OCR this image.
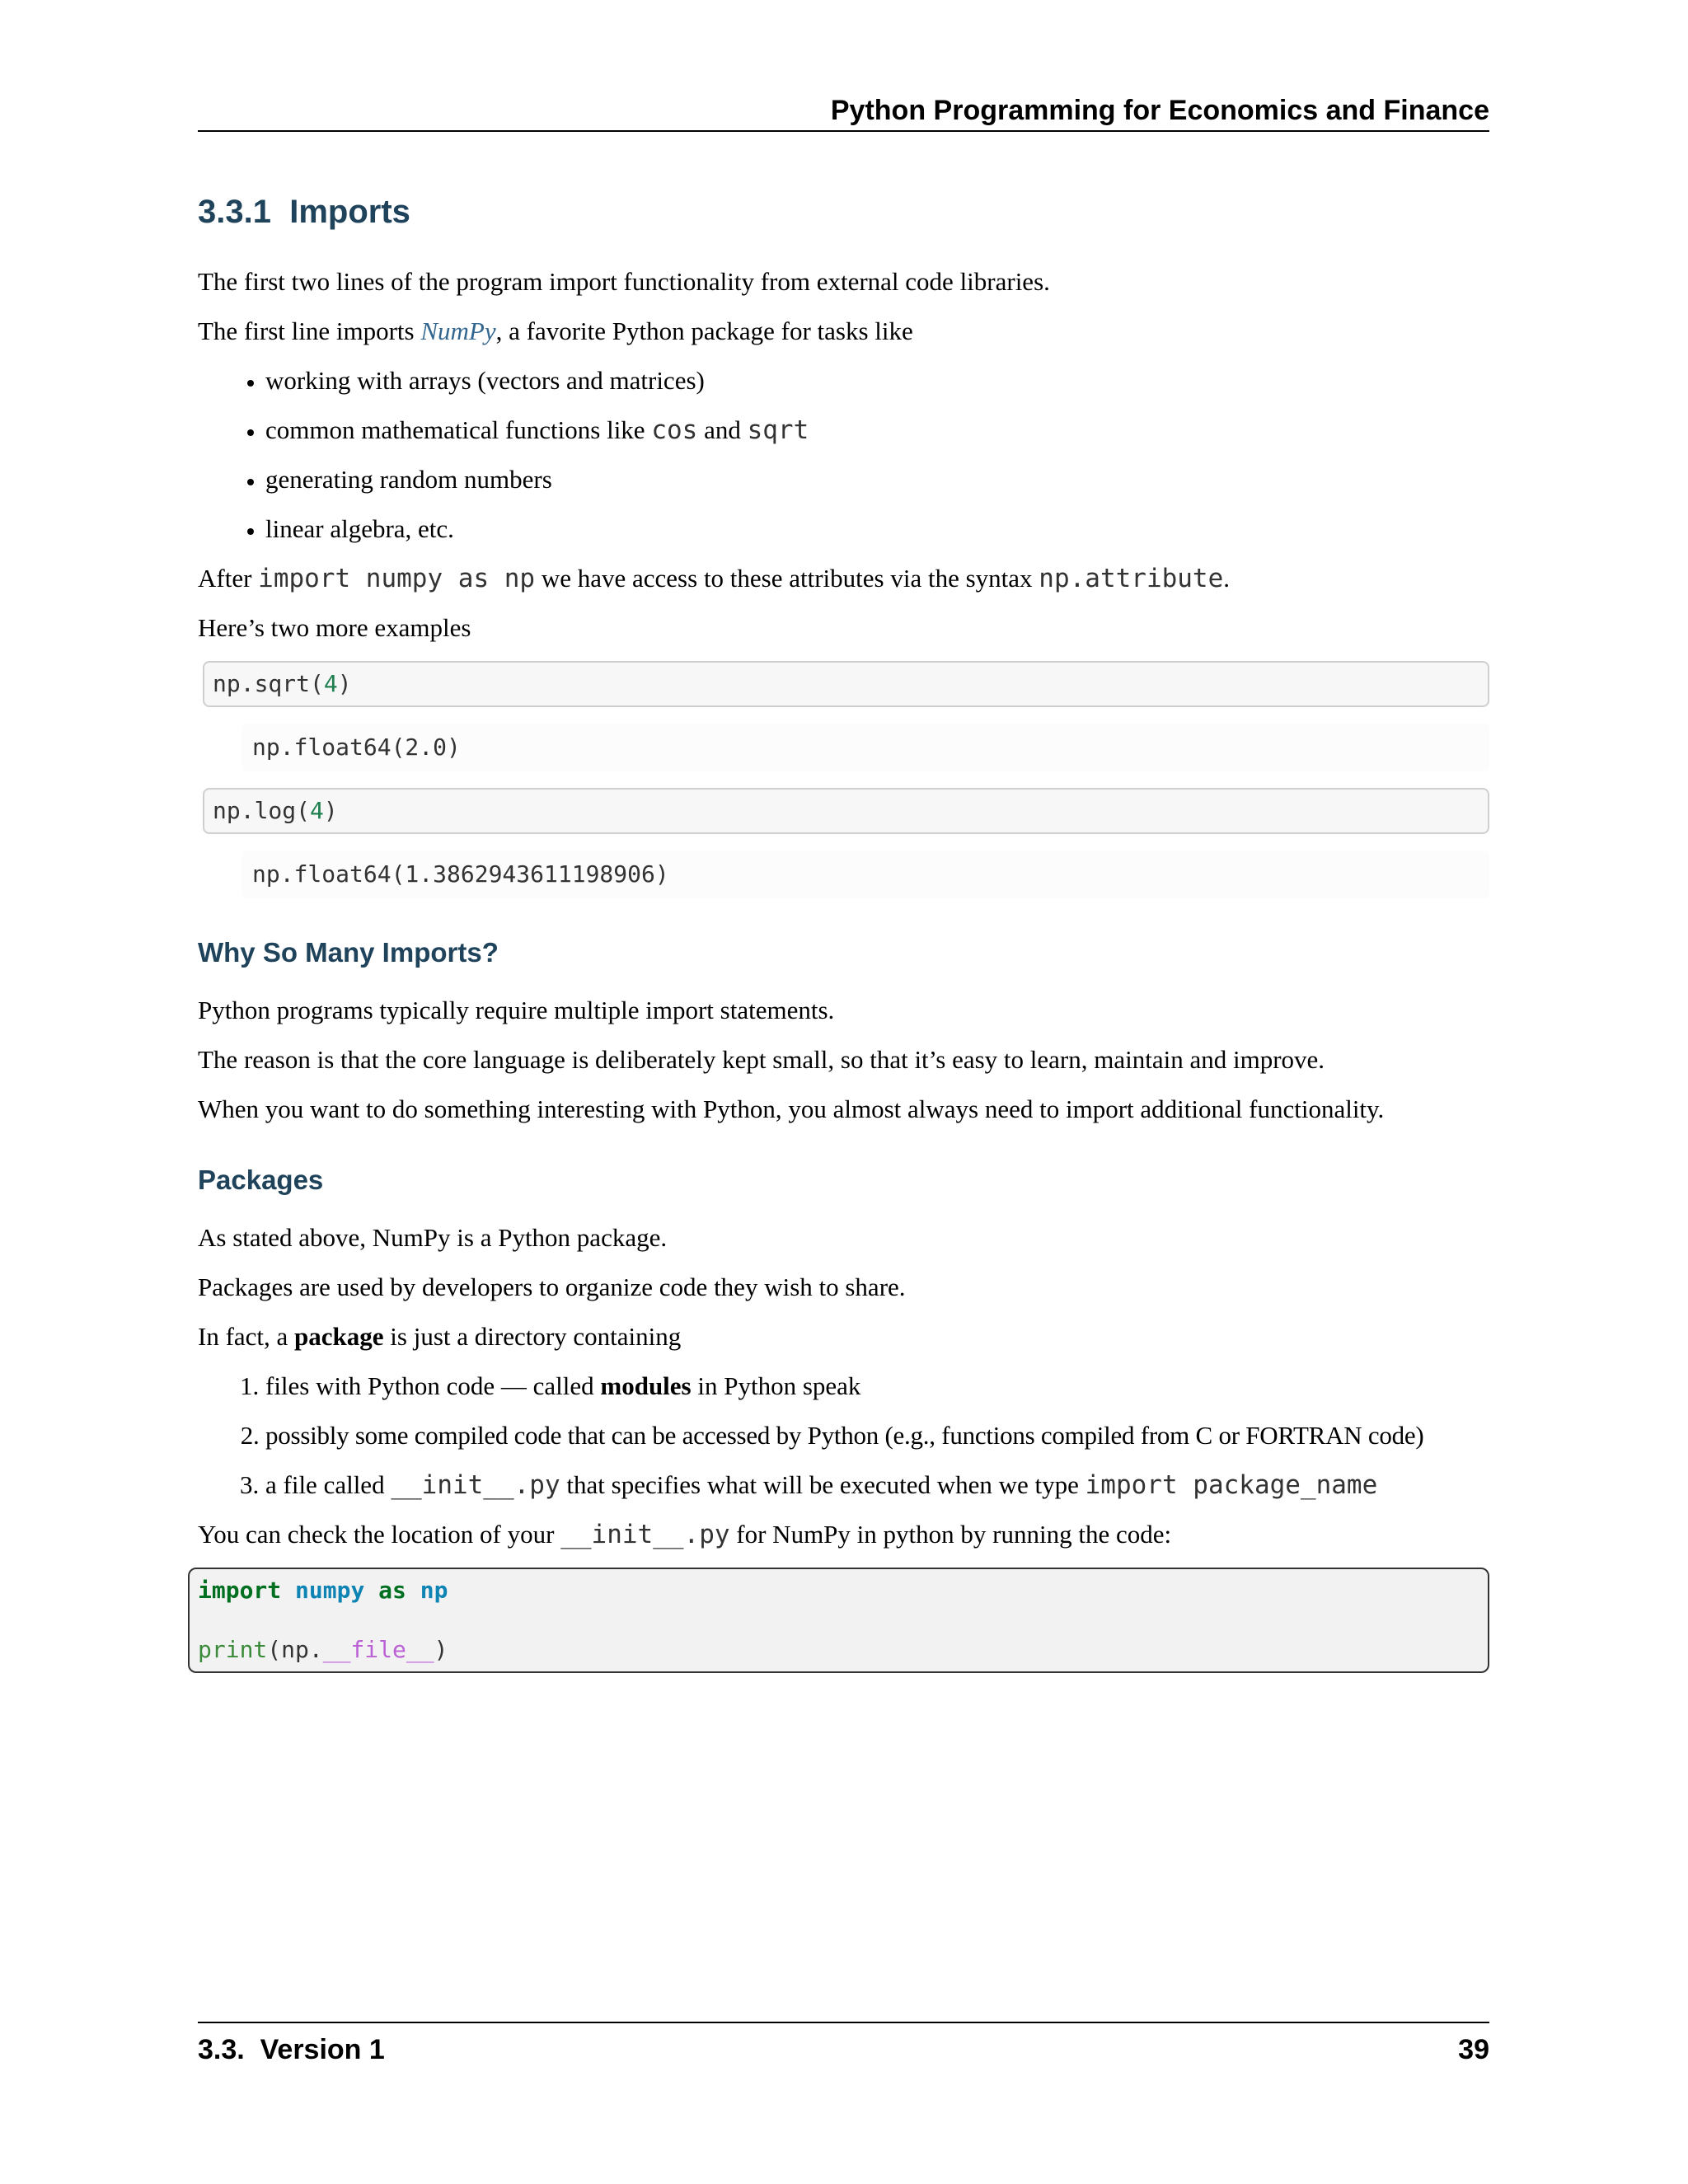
Python Programming for Economics and Finance
3.3.1 Imports

The first two lines of the program import functionality from external code libraries.

The first line imports NumPy, a favorite Python package for tasks like

• working with arrays (vectors and matrices)
• common mathematical functions like cos and sqrt
• generating random numbers
• linear algebra, etc.

After import numpy as np we have access to these attributes via the syntax np.attribute.

Here’s two more examples

np.sqrt(4)
np.float64(2.0)
np.log(4)
np.float64(1.3862943611198906)
Why So Many Imports?

Python programs typically require multiple import statements.

The reason is that the core language is deliberately kept small, so that it’s easy to learn, maintain and improve.

When you want to do something interesting with Python, you almost always need to import additional functionality.

Packages

As stated above, NumPy is a Python package.

Packages are used by developers to organize code they wish to share.

In fact, a package is just a directory containing

1. files with Python code — called modules in Python speak
2. possibly some compiled code that can be accessed by Python (e.g., functions compiled from C or FORTRAN code)
3. a file called __init__.py that specifies what will be executed when we type import package_name

You can check the location of your __init__.py for NumPy in python by running the code:

import numpy as np
print(np.__file__)
3.3.  Version 1	39
